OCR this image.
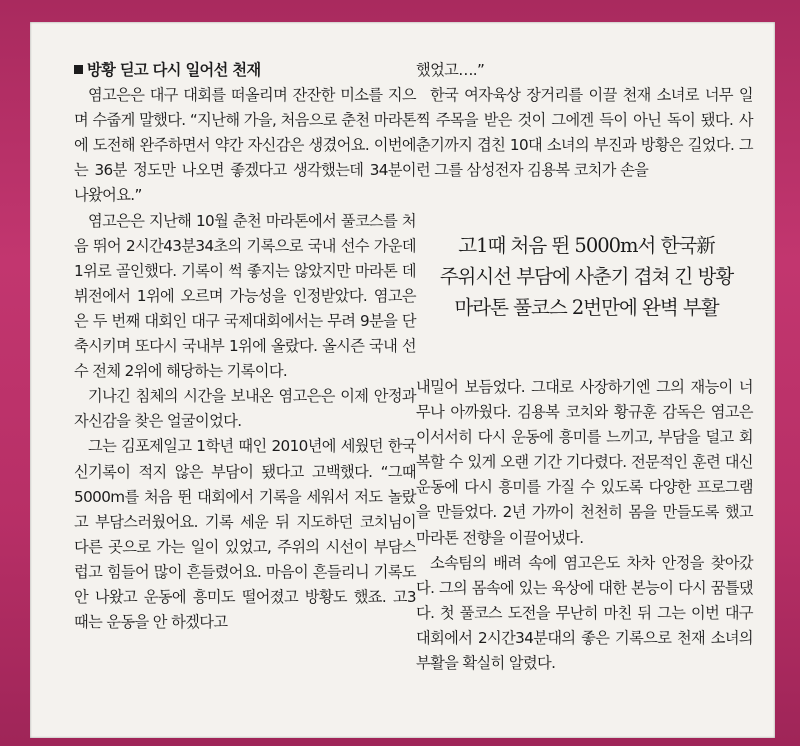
방황 딛고 다시 일어선 천재

염고은은 대구 대회를 떠올리며 잔잔한 미소를 지으며 수줍게 말했다. “지난해 가을, 처음으로 춘천 마라톤에 도전해 완주하면서 약간 자신감은 생겼어요. 이번에는 36분 정도만 나오면 좋겠다고 생각했는데 34분이 나왔어요.”

염고은은 지난해 10월 춘천 마라톤에서 풀코스를 처음 뛰어 2시간43분34초의 기록으로 국내 선수 가운데 1위로 골인했다. 기록이 썩 좋지는 않았지만 마라톤 데뷔전에서 1위에 오르며 가능성을 인정받았다. 염고은은 두 번째 대회인 대구 국제대회에서는 무려 9분을 단축시키며 또다시 국내부 1위에 올랐다. 올시즌 국내 선수 전체 2위에 해당하는 기록이다.

기나긴 침체의 시간을 보내온 염고은은 이제 안정과 자신감을 찾은 얼굴이었다.

그는 김포제일고 1학년 때인 2010년에 세웠던 한국신기록이 적지 않은 부담이 됐다고 고백했다. “그때 5000m를 처음 뛴 대회에서 기록을 세워서 저도 놀랐고 부담스러웠어요. 기록 세운 뒤 지도하던 코치님이 다른 곳으로 가는 일이 있었고, 주위의 시선이 부담스럽고 힘들어 많이 흔들렸어요. 마음이 흔들리니 기록도 안 나왔고 운동에 흥미도 떨어졌고 방황도 했죠. 고3 때는 운동을 안 하겠다고

했었고….”

한국 여자육상 장거리를 이끌 천재 소녀로 너무 일찍 주목을 받은 것이 그에겐 득이 아닌 독이 됐다. 사춘기까지 겹친 10대 소녀의 부진과 방황은 길었다. 그런 그를 삼성전자 김용복 코치가 손을

고1때 처음 뛴 5000m서 한국新
주위시선 부담에 사춘기 겹쳐 긴 방황
마라톤 풀코스 2번만에 완벽 부활

내밀어 보듬었다. 그대로 사장하기엔 그의 재능이 너무나 아까웠다. 김용복 코치와 황규훈 감독은 염고은이서서히 다시 운동에 흥미를 느끼고, 부담을 덜고 회복할 수 있게 오랜 기간 기다렸다. 전문적인 훈련 대신 운동에 다시 흥미를 가질 수 있도록 다양한 프로그램을 만들었다. 2년 가까이 천천히 몸을 만들도록 했고 마라톤 전향을 이끌어냈다.

소속팀의 배려 속에 염고은도 차차 안정을 찾아갔다. 그의 몸속에 있는 육상에 대한 본능이 다시 꿈틀댔다. 첫 풀코스 도전을 무난히 마친 뒤 그는 이번 대구 대회에서 2시간34분대의 좋은 기록으로 천재 소녀의 부활을 확실히 알렸다.
